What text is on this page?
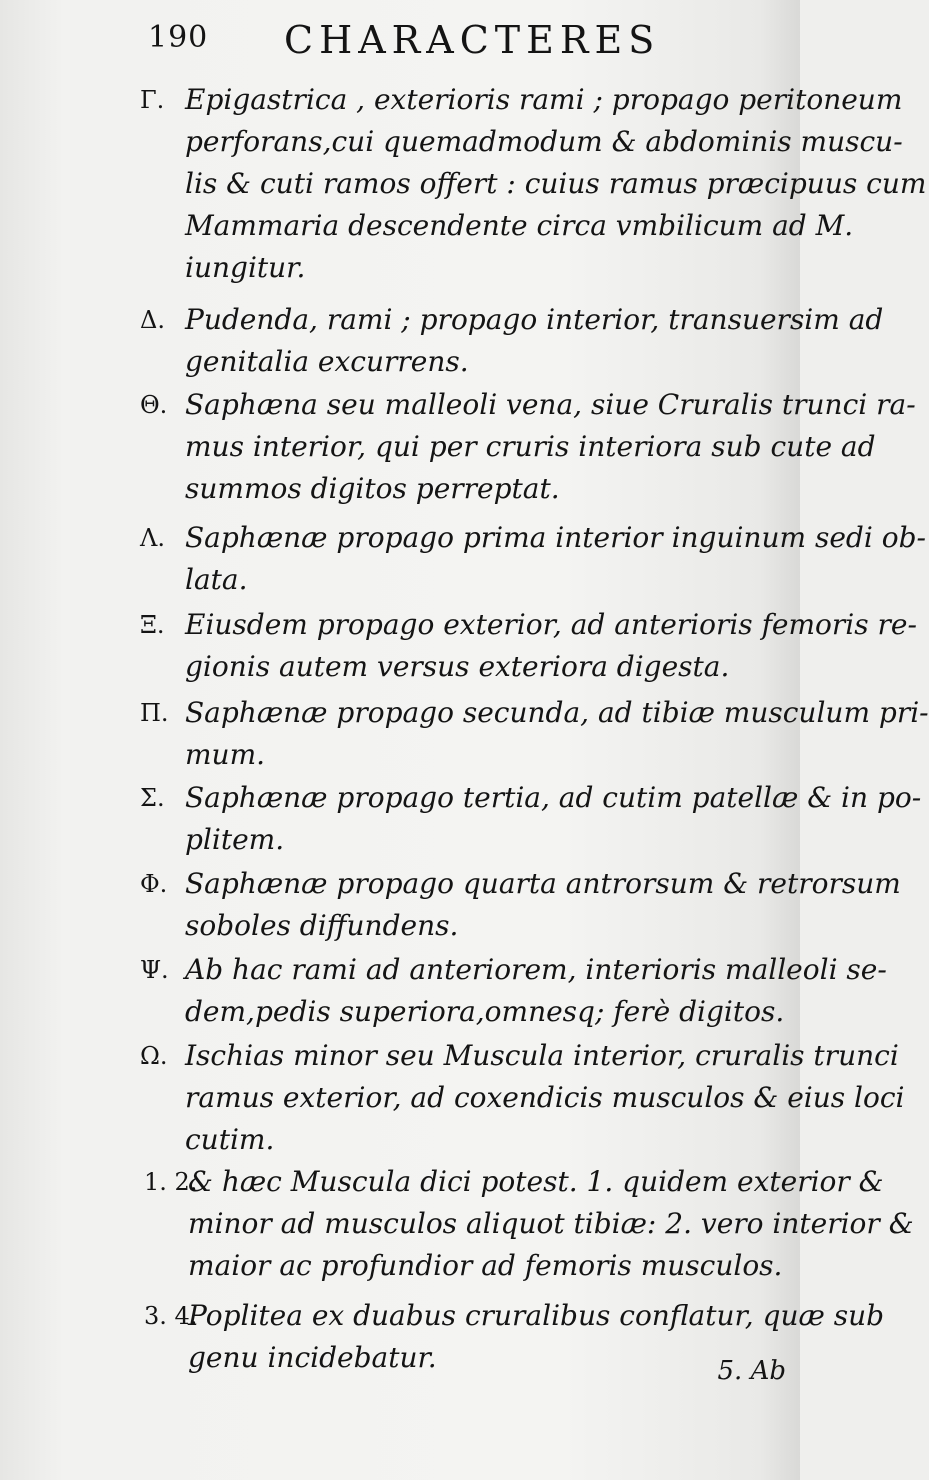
190 CHARACTERES
Γ. Epigastrica , exterioris rami ; propago peritoneum
perforans,cui quemadmodum & abdominis muscu-
lis & cuti ramos offert : cuius ramus præcipuus cum
Mammaria descendente circa vmbilicum ad M.
iungitur.
Δ. Pudenda, rami ; propago interior, transuersim ad
genitalia excurrens.
Θ. Saphæna seu malleoli vena, siue Cruralis trunci ra-
mus interior, qui per cruris interiora sub cute ad
summos digitos perreptat.
Λ. Saphænæ propago prima interior inguinum sedi ob-
lata.
Ξ. Eiusdem propago exterior, ad anterioris femoris re-
gionis autem versus exteriora digesta.
Π. Saphænæ propago secunda, ad tibiæ musculum pri-
mum.
Σ. Saphænæ propago tertia, ad cutim patellæ & in po-
plitem.
Φ. Saphænæ propago quarta antrorsum & retrorsum
soboles diffundens.
Ψ. Ab hac rami ad anteriorem, interioris malleoli se-
dem,pedis superiora,omnesq; ferè digitos.
Ω. Ischias minor seu Muscula interior, cruralis trunci
ramus exterior, ad coxendicis musculos & eius loci
cutim.
1. 2.
& hæc Muscula dici potest. 1. quidem exterior &
minor ad musculos aliquot tibiæ: 2. vero interior &
maior ac profundior ad femoris musculos.
3. 4.
Poplitea ex duabus cruralibus conflatur, quæ sub
genu incidebatur.	5. Ab
